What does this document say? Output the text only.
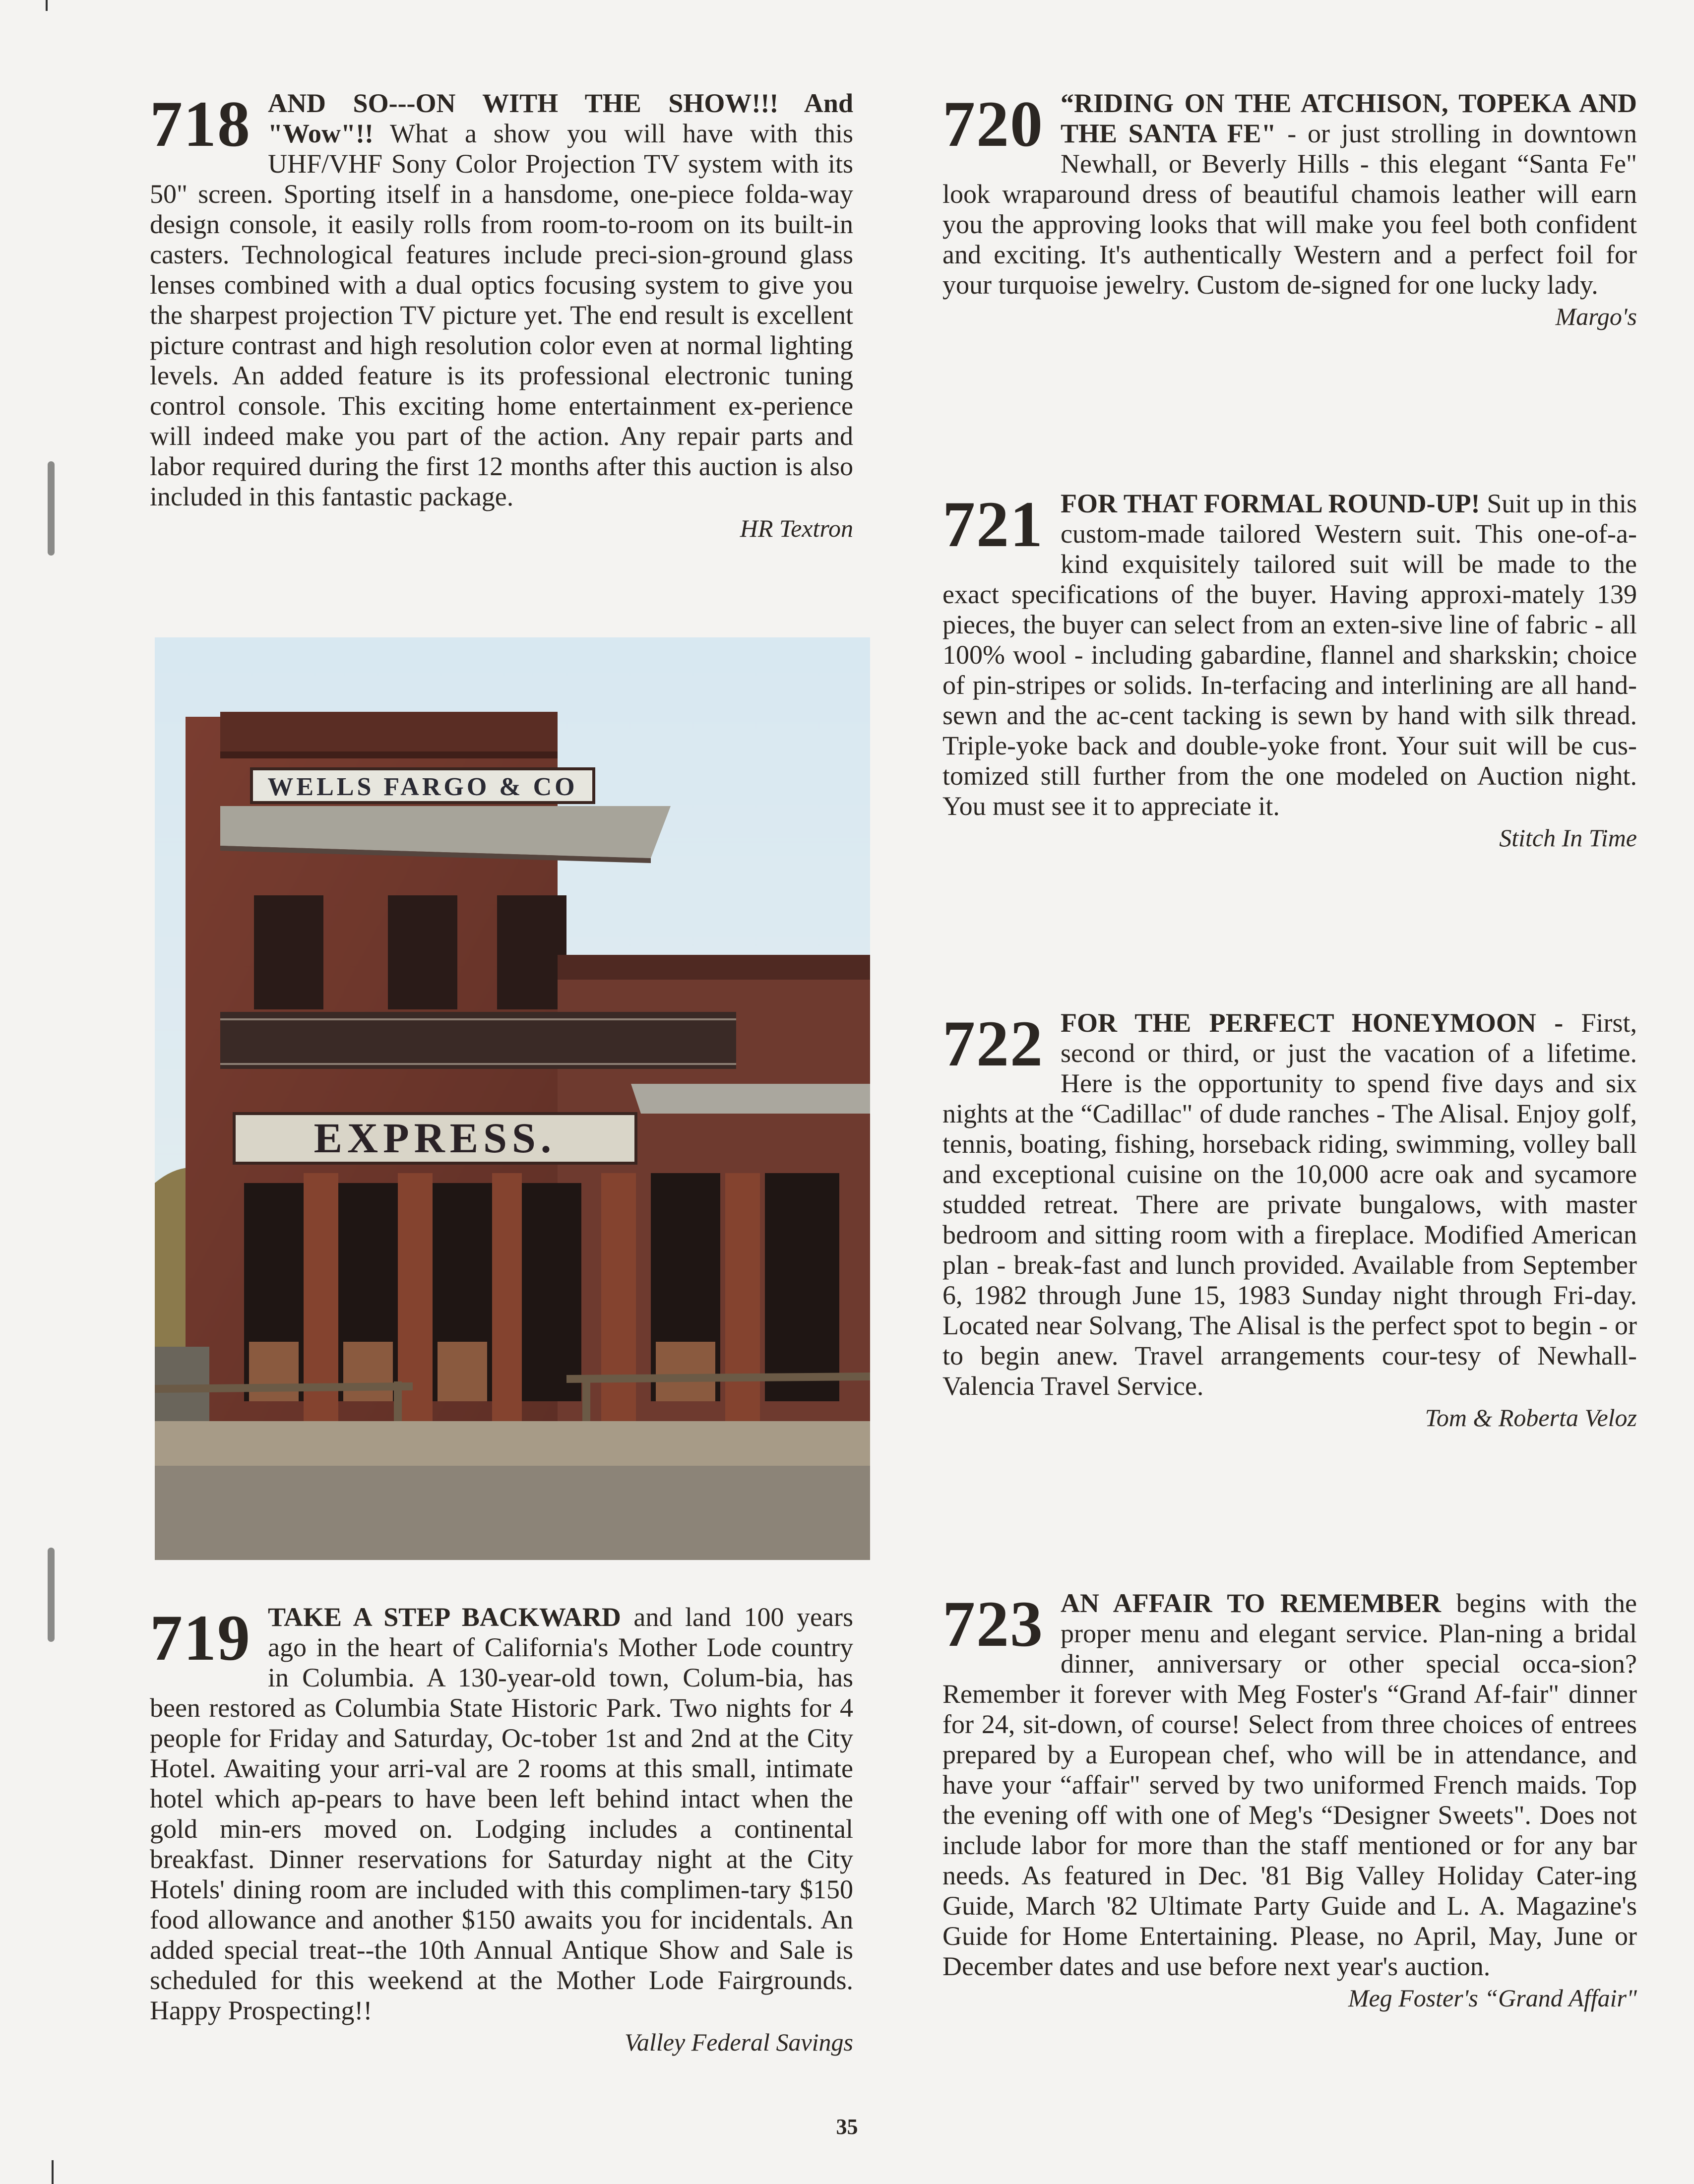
718 AND SO---ON WITH THE SHOW!!! And "Wow"!! What a show you will have with this UHF/VHF Sony Color Projection TV system with its 50" screen. Sporting itself in a hansdome, one-piece folda-way design console, it easily rolls from room-to-room on its built-in casters. Technological features include preci-sion-ground glass lenses combined with a dual optics focusing system to give you the sharpest projection TV picture yet. The end result is excellent picture contrast and high resolution color even at normal lighting levels. An added feature is its professional electronic tuning control console. This exciting home entertainment ex-perience will indeed make you part of the action. Any repair parts and labor required during the first 12 months after this auction is also included in this fantastic package.

HR Textron

WELLS FARGO & CO
EXPRESS.

719 TAKE A STEP BACKWARD and land 100 years ago in the heart of California's Mother Lode country in Columbia. A 130-year-old town, Colum-bia, has been restored as Columbia State Historic Park. Two nights for 4 people for Friday and Saturday, Oc-tober 1st and 2nd at the City Hotel. Awaiting your arri-val are 2 rooms at this small, intimate hotel which ap-pears to have been left behind intact when the gold min-ers moved on. Lodging includes a continental breakfast. Dinner reservations for Saturday night at the City Hotels' dining room are included with this complimen-tary $150 food allowance and another $150 awaits you for incidentals. An added special treat--the 10th Annual Antique Show and Sale is scheduled for this weekend at the Mother Lode Fairgrounds. Happy Prospecting!!

Valley Federal Savings

720 “RIDING ON THE ATCHISON, TOPEKA AND THE SANTA FE" - or just strolling in downtown Newhall, or Beverly Hills - this elegant “Santa Fe" look wraparound dress of beautiful chamois leather will earn you the approving looks that will make you feel both confident and exciting. It's authentically Western and a perfect foil for your turquoise jewelry. Custom de-signed for one lucky lady.

Margo's

721 FOR THAT FORMAL ROUND-UP! Suit up in this custom-made tailored Western suit. This one-of-a-kind exquisitely tailored suit will be made to the exact specifications of the buyer. Having approxi-mately 139 pieces, the buyer can select from an exten-sive line of fabric - all 100% wool - including gabardine, flannel and sharkskin; choice of pin-stripes or solids. In-terfacing and interlining are all hand-sewn and the ac-cent tacking is sewn by hand with silk thread. Triple-yoke back and double-yoke front. Your suit will be cus-tomized still further from the one modeled on Auction night. You must see it to appreciate it.

Stitch In Time

722 FOR THE PERFECT HONEYMOON - First, second or third, or just the vacation of a lifetime. Here is the opportunity to spend five days and six nights at the “Cadillac" of dude ranches - The Alisal. Enjoy golf, tennis, boating, fishing, horseback riding, swimming, volley ball and exceptional cuisine on the 10,000 acre oak and sycamore studded retreat. There are private bungalows, with master bedroom and sitting room with a fireplace. Modified American plan - break-fast and lunch provided. Available from September 6, 1982 through June 15, 1983 Sunday night through Fri-day. Located near Solvang, The Alisal is the perfect spot to begin - or to begin anew. Travel arrangements cour-tesy of Newhall-Valencia Travel Service.

Tom & Roberta Veloz

723 AN AFFAIR TO REMEMBER begins with the proper menu and elegant service. Plan-ning a bridal dinner, anniversary or other special occa-sion? Remember it forever with Meg Foster's “Grand Af-fair" dinner for 24, sit-down, of course! Select from three choices of entrees prepared by a European chef, who will be in attendance, and have your “affair" served by two uniformed French maids. Top the evening off with one of Meg's “Designer Sweets". Does not include labor for more than the staff mentioned or for any bar needs. As featured in Dec. '81 Big Valley Holiday Cater-ing Guide, March '82 Ultimate Party Guide and L. A. Magazine's Guide for Home Entertaining. Please, no April, May, June or December dates and use before next year's auction.

Meg Foster's “Grand Affair"

35
